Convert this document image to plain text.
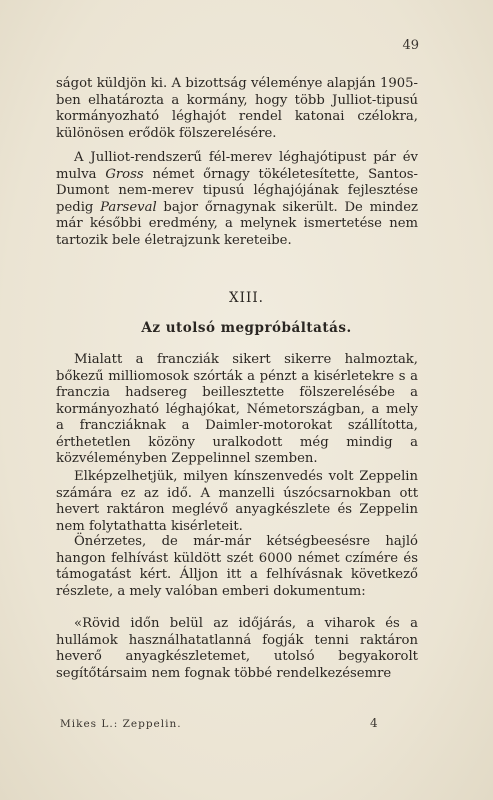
49

ságot küldjön ki. A bizottság véleménye alapján 1905-ben elhatározta a kormány, hogy több Julliot-tipusú kormányozható léghajót rendel katonai czélokra, különösen erődök fölszerelésére.

A Julliot-rendszerű fél-merev léghajótipust pár év mulva Gross német őrnagy tökéletesítette, Santos-Dumont nem-merev tipusú léghajójának fejlesztése pedig Parseval bajor őrnagynak sikerült. De mindez már későbbi eredmény, a melynek ismertetése nem tartozik bele életrajzunk kereteibe.

XIII.
Az utolsó megpróbáltatás.

Mialatt a francziák sikert sikerre halmoztak, bőkezű milliomosok szórták a pénzt a kisérletekre s a franczia hadsereg beillesztette fölszerelésébe a kormányozható léghajókat, Németországban, a mely a francziáknak a Daimler-motorokat szállította, érthetetlen közöny uralkodott még mindig a közvéleményben Zeppelinnel szemben.

Elképzelhetjük, milyen kínszenvedés volt Zeppelin számára ez az idő. A manzelli úszócsarnokban ott hevert raktáron meglévő anyagkészlete és Zeppelin nem folytathatta kisérleteit.

Önérzetes, de már-már kétségbeesésre hajló hangon felhívást küldött szét 6000 német czímére és támogatást kért. Álljon itt a felhívásnak következő részlete, a mely valóban emberi dokumentum:

«Rövid időn belül az időjárás, a viharok és a hullámok használhatatlanná fogják tenni raktáron heverő anyagkészletemet, utolsó begyakorolt segítőtársaim nem fognak többé rendelkezésemre

Mikes L.: Zeppelin.	4
